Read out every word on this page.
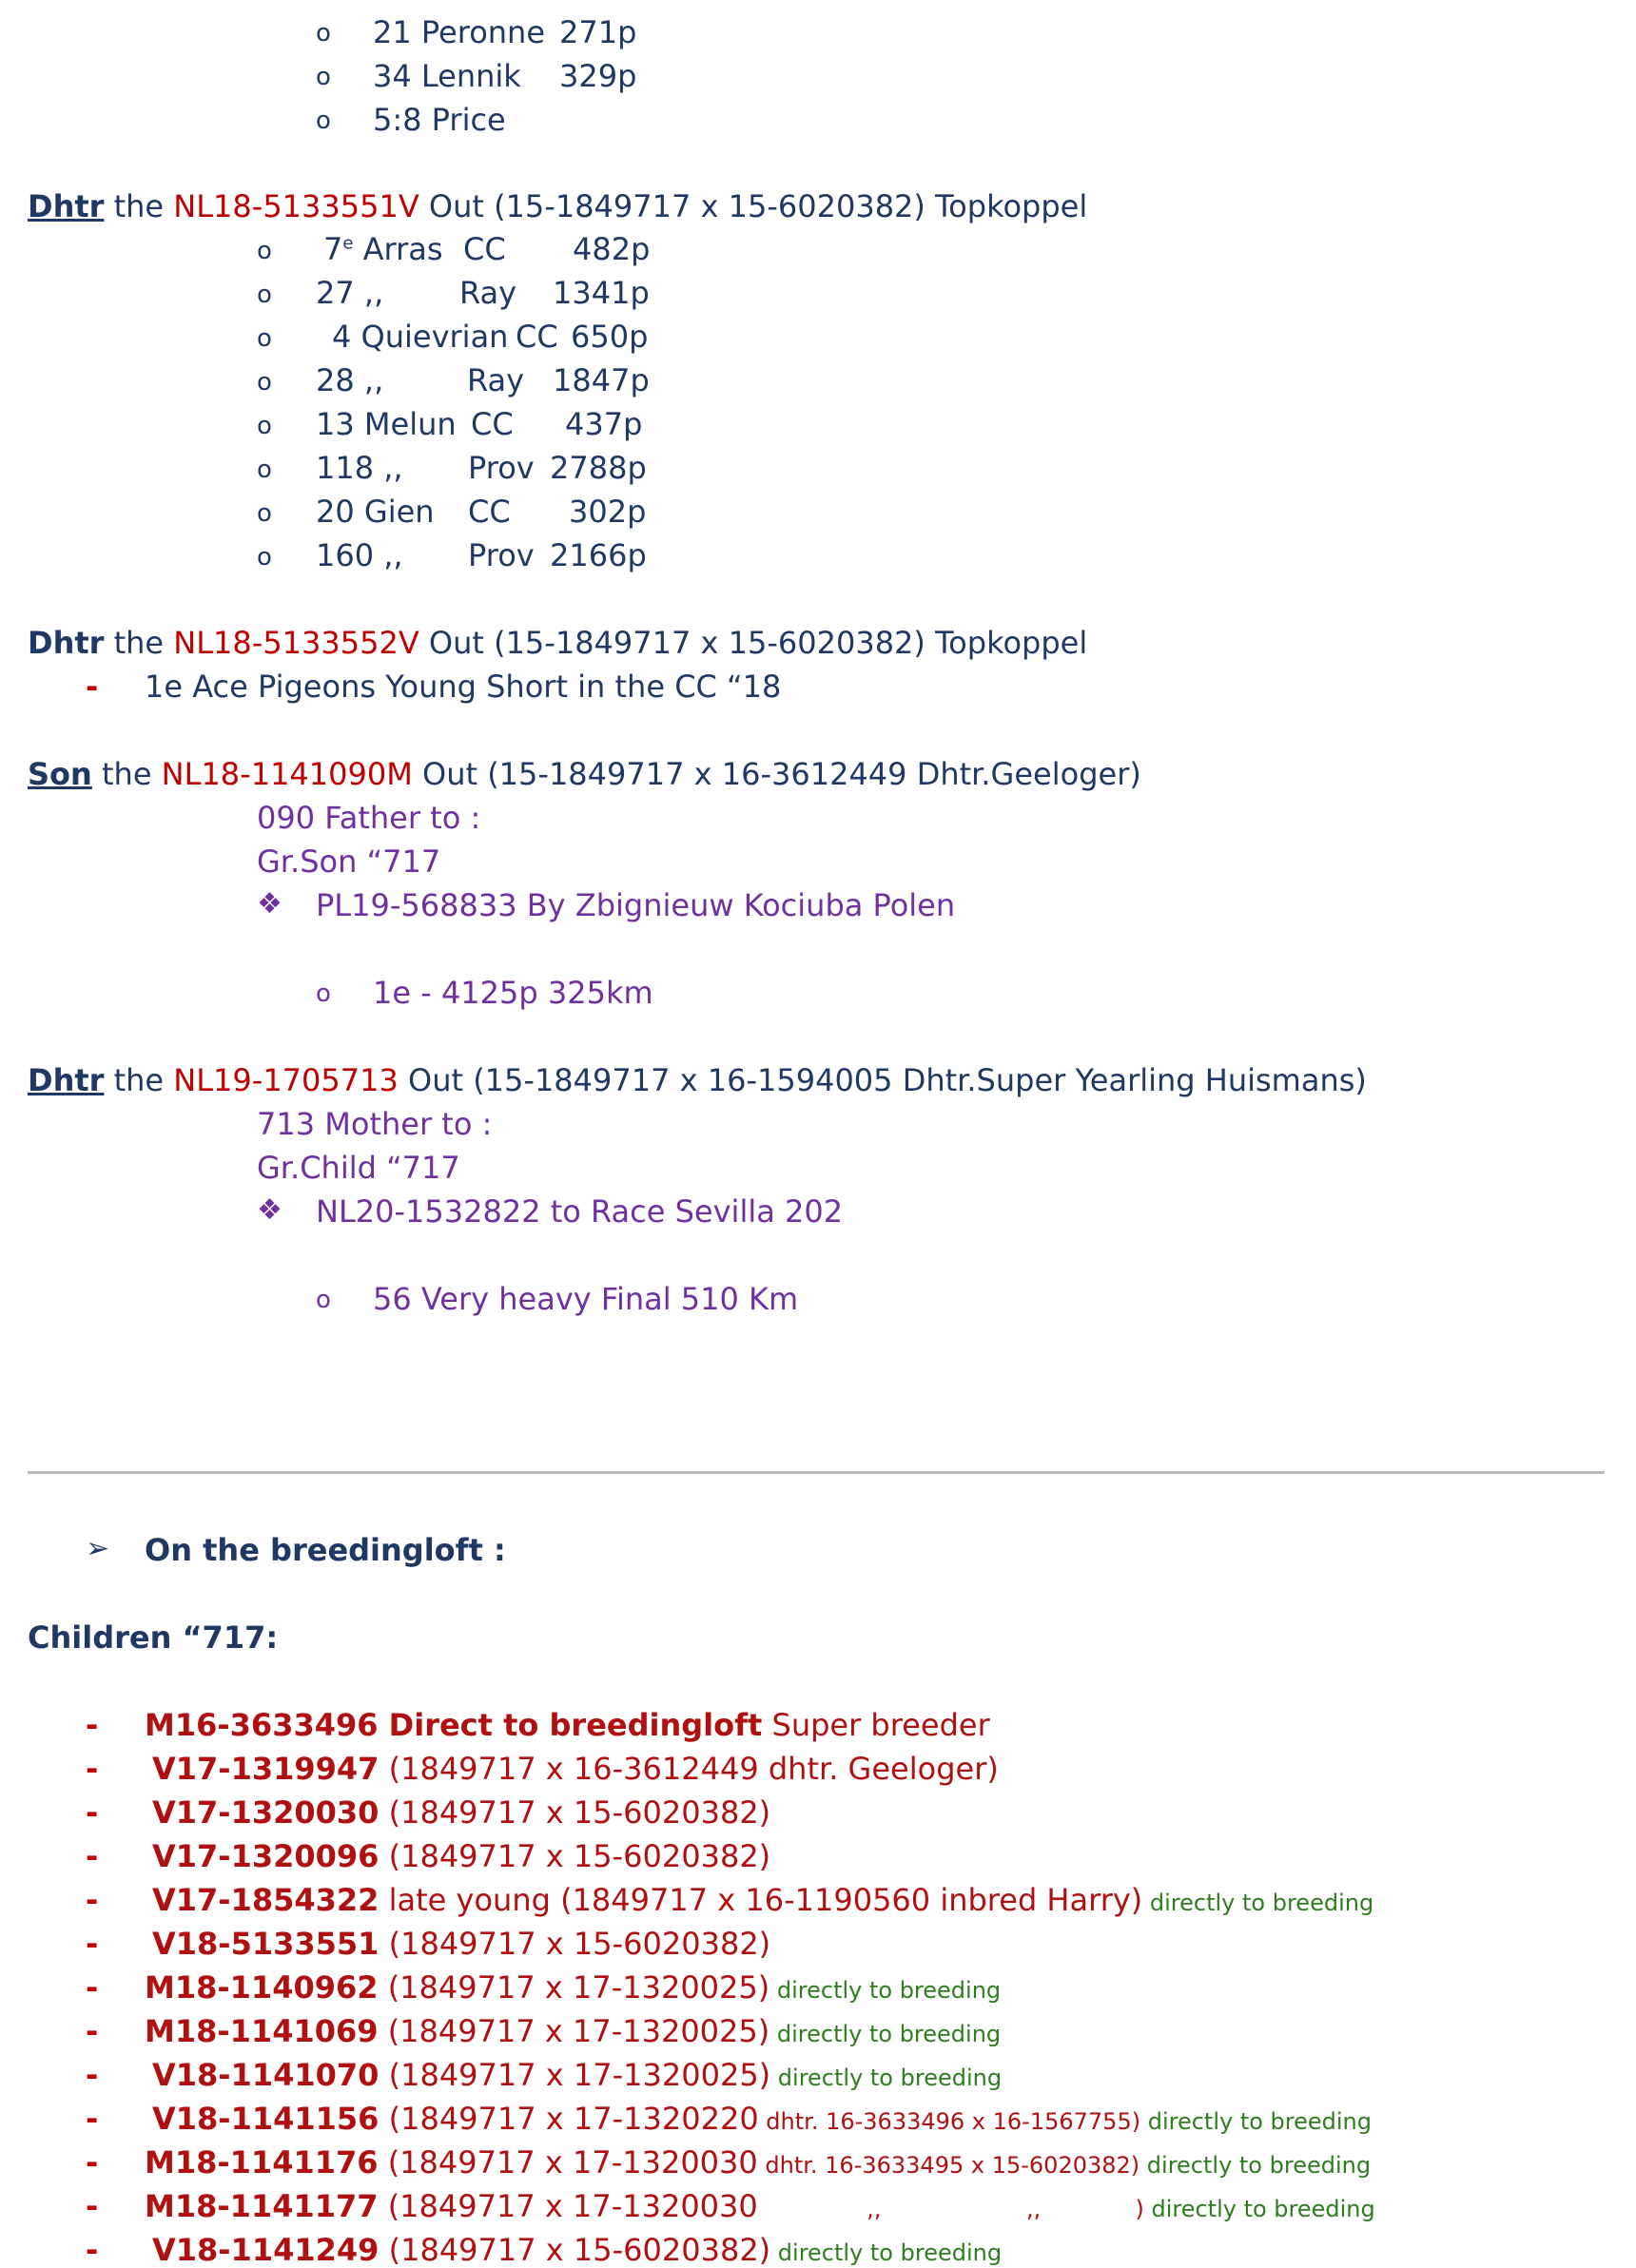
o 21 Peronne 271p
o 34 Lennik 329p
o 5:8 Price
Dhtr the NL18-5133551V Out (15-1849717 x 15-6020382) Topkoppel
o 7e Arras CC 482p
o 27 ,, Ray 1341p
o 4 Quievrian CC 650p
o 28 ,,	Ray 1847p
o 13 Melun CC 437p
o 118 ,, Prov 2788p
o 20 Gien CC 302p
o 160 ,, Prov 2166p
Dhtr the NL18-5133552V Out (15-1849717 x 15-6020382) Topkoppel
- 1e Ace Pigeons Young Short in the CC “18
Son the NL18-1141090M Out (15-1849717 x 16-3612449 Dhtr.Geeloger)
090 Father to :
Gr.Son “717
❖ PL19-568833 By Zbignieuw Kociuba Polen
o 1e - 4125p 325km
Dhtr the NL19-1705713 Out (15-1849717 x 16-1594005 Dhtr.Super Yearling Huismans)
713 Mother to :
Gr.Child “717
❖ NL20-1532822 to Race Sevilla 202
o 56 Very heavy Final 510 Km
➢ On the breedingloft :
Children “717:
- M16-3633496 Direct to breedingloft Super breeder
- V17-1319947 (1849717 x 16-3612449 dhtr. Geeloger)
- V17-1320030 (1849717 x 15-6020382)
- V17-1320096 (1849717 x 15-6020382)
- V17-1854322 late young (1849717 x 16-1190560 inbred Harry) directly to breeding
- V18-5133551 (1849717 x 15-6020382)
- M18-1140962 (1849717 x 17-1320025) directly to breeding
- M18-1141069 (1849717 x 17-1320025) directly to breeding
- V18-1141070 (1849717 x 17-1320025) directly to breeding
- V18-1141156 (1849717 x 17-1320220 dhtr. 16-3633496 x 16-1567755) directly to breeding
- M18-1141176 (1849717 x 17-1320030 dhtr. 16-3633495 x 15-6020382) directly to breeding
- M18-1141177 (1849717 x 17-1320030               ,,                    ,,             ) directly to breeding
- V18-1141249 (1849717 x 15-6020382) directly to breeding
